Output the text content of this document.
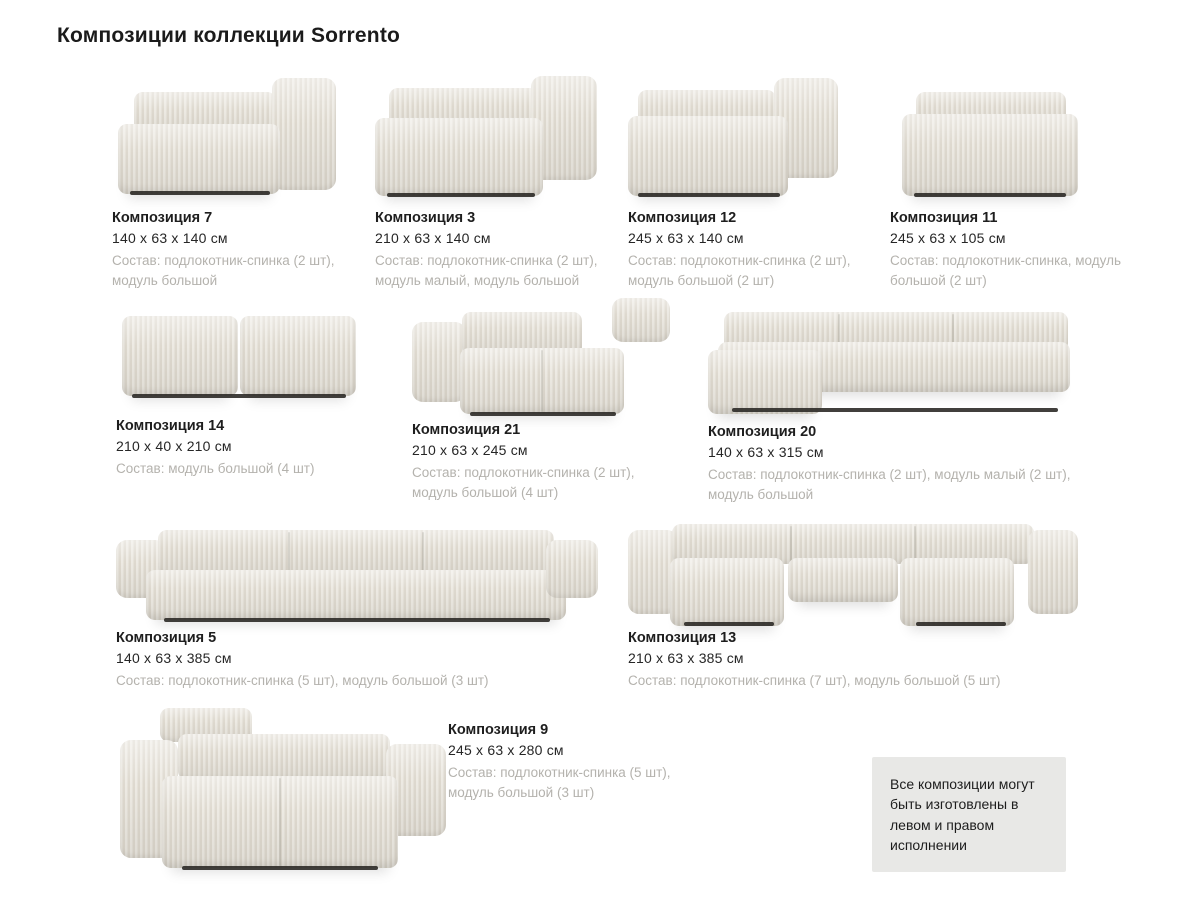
Композиции коллекции Sorrento
Композиция 7
140 x 63 x 140 см
Состав: подлокотник-спинка (2 шт), модуль большой
Композиция 3
210 x 63 x 140 см
Состав: подлокотник-спинка (2 шт), модуль малый, модуль большой
Композиция 12
245 x 63 x 140 см
Состав: подлокотник-спинка (2 шт), модуль большой (2 шт)
Композиция 11
245 x 63 x 105 см
Состав: подлокотник-спинка, модуль большой (2 шт)
Композиция 14
210 x 40 x 210 см
Состав: модуль большой (4 шт)
Композиция 21
210 x 63 x 245 см
Состав: подлокотник-спинка (2 шт), модуль большой (4 шт)
Композиция 20
140 x 63 x 315 см
Состав: подлокотник-спинка (2 шт), модуль малый (2 шт), модуль большой
Композиция 5
140 x 63 x 385 см
Состав: подлокотник-спинка (5 шт), модуль большой (3 шт)
Композиция 13
210 x 63 x 385 см
Состав: подлокотник-спинка (7 шт), модуль большой (5 шт)
Композиция 9
245 x 63 x 280 см
Состав: подлокотник-спинка (5 шт), модуль большой (3 шт)
Все композиции могут быть изготовлены в левом и правом исполнении
